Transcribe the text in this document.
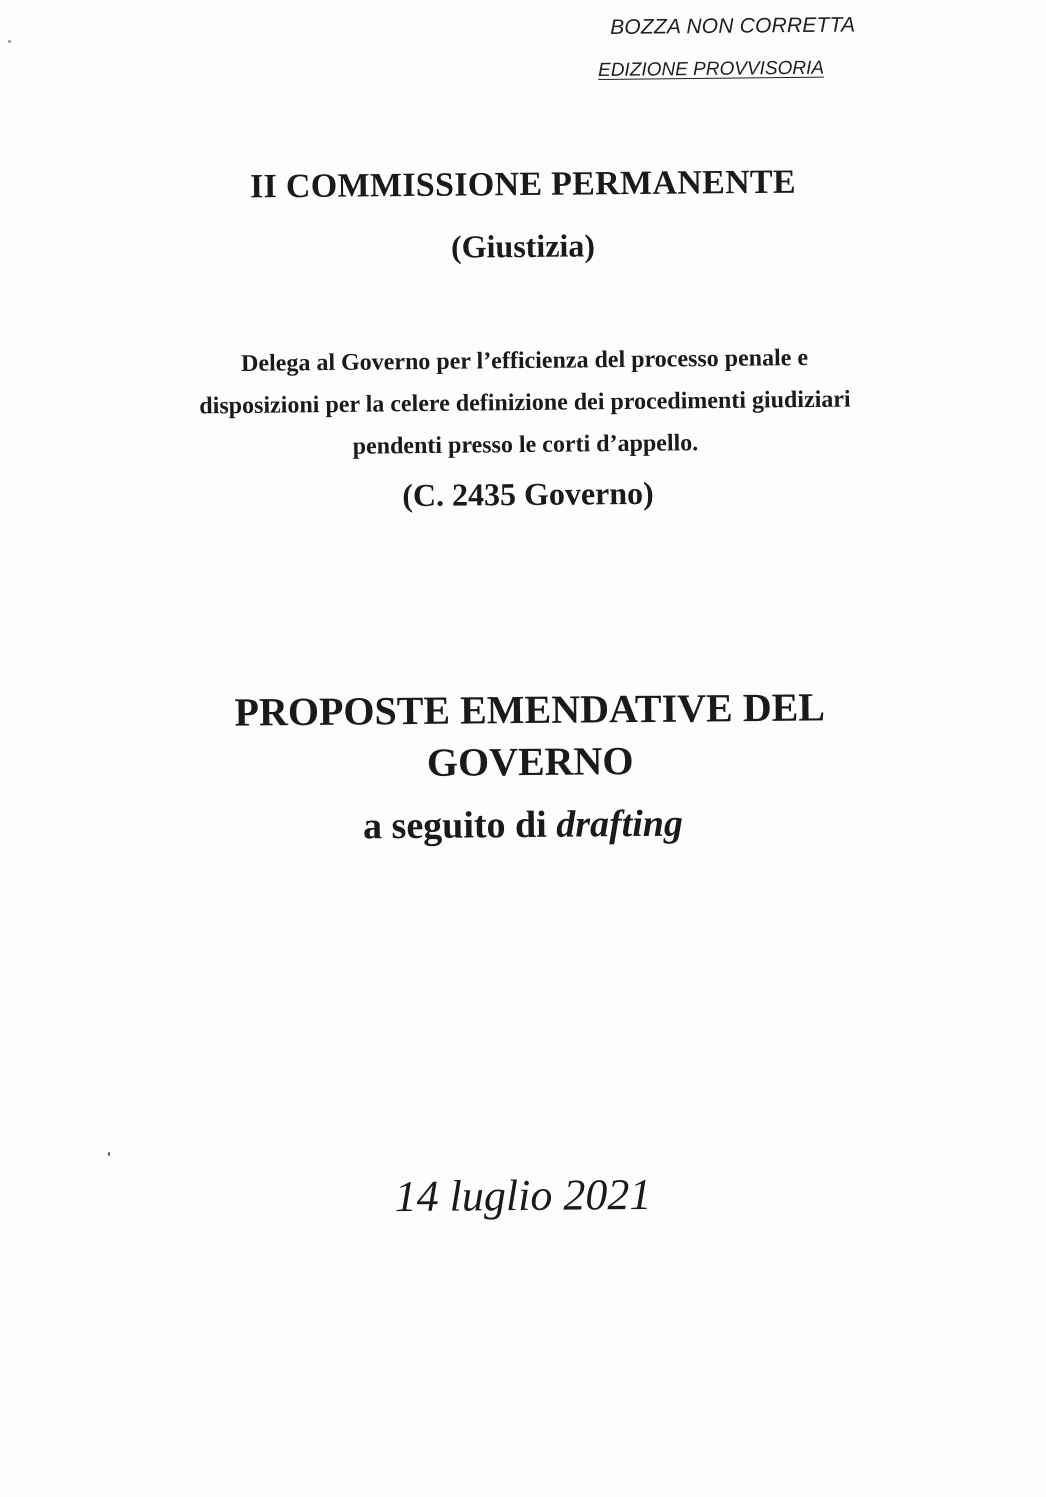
BOZZA NON CORRETTA
EDIZIONE PROVVISORIA
II COMMISSIONE PERMANENTE
(Giustizia)
Delega al Governo per l’efficienza del processo penale e
disposizioni per la celere definizione dei procedimenti giudiziari
pendenti presso le corti d’appello.
(C. 2435 Governo)
PROPOSTE EMENDATIVE DEL
GOVERNO
a seguito di drafting
14 luglio 2021
